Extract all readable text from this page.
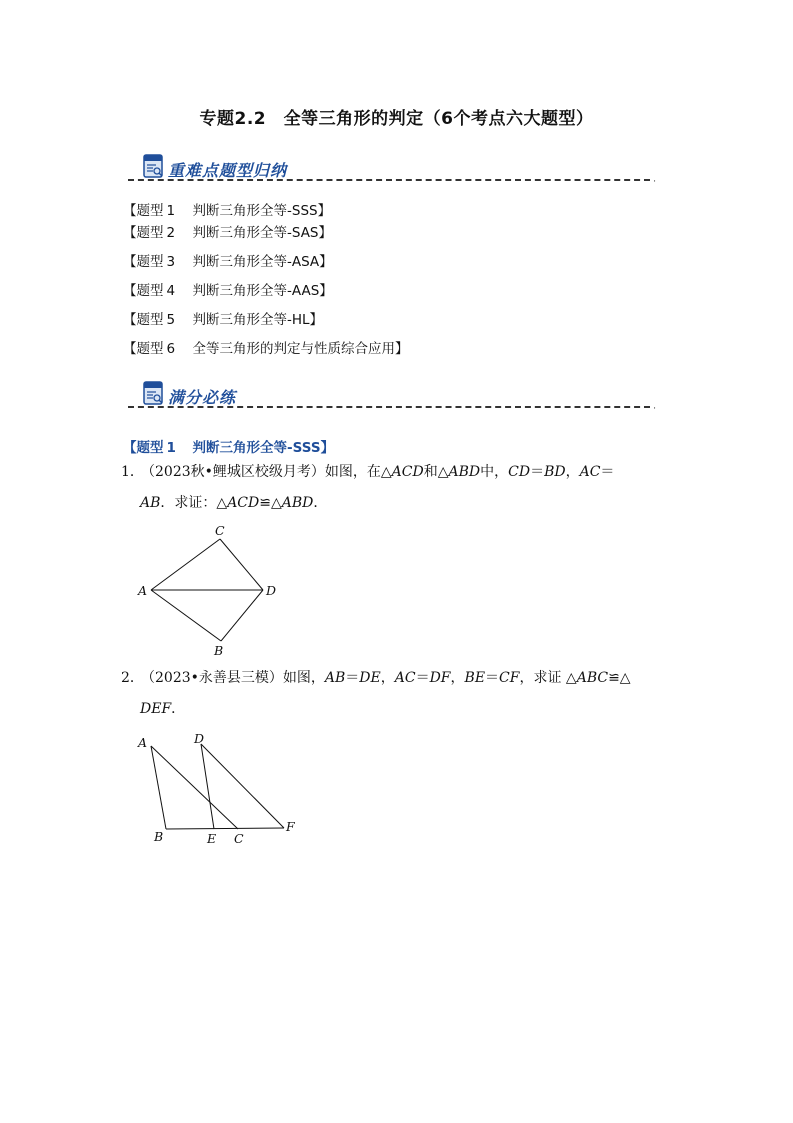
专题2.2　全等三角形的判定（6个考点六大题型）
重难点题型归纳
·
【题型 1 判断三角形全等-SSS】
【题型 2 判断三角形全等-SAS】
【题型 3 判断三角形全等-ASA】
【题型 4 判断三角形全等-AAS】
【题型 5 判断三角形全等-HL】
【题型 6 全等三角形的判定与性质综合应用】
满分必练
·
【题型 1 判断三角形全等-SSS】
1．（2023秋•鲤城区校级月考）如图，在△ACD和△ABD中，CD＝BD，AC＝
AB．求证：△ACD≌△ABD．
C
A	D
B
2．（2023•永善县三模）如图，AB＝DE，AC＝DF，BE＝CF，求证 △ABC≌△
DEF．
A	D
B	E C
F
